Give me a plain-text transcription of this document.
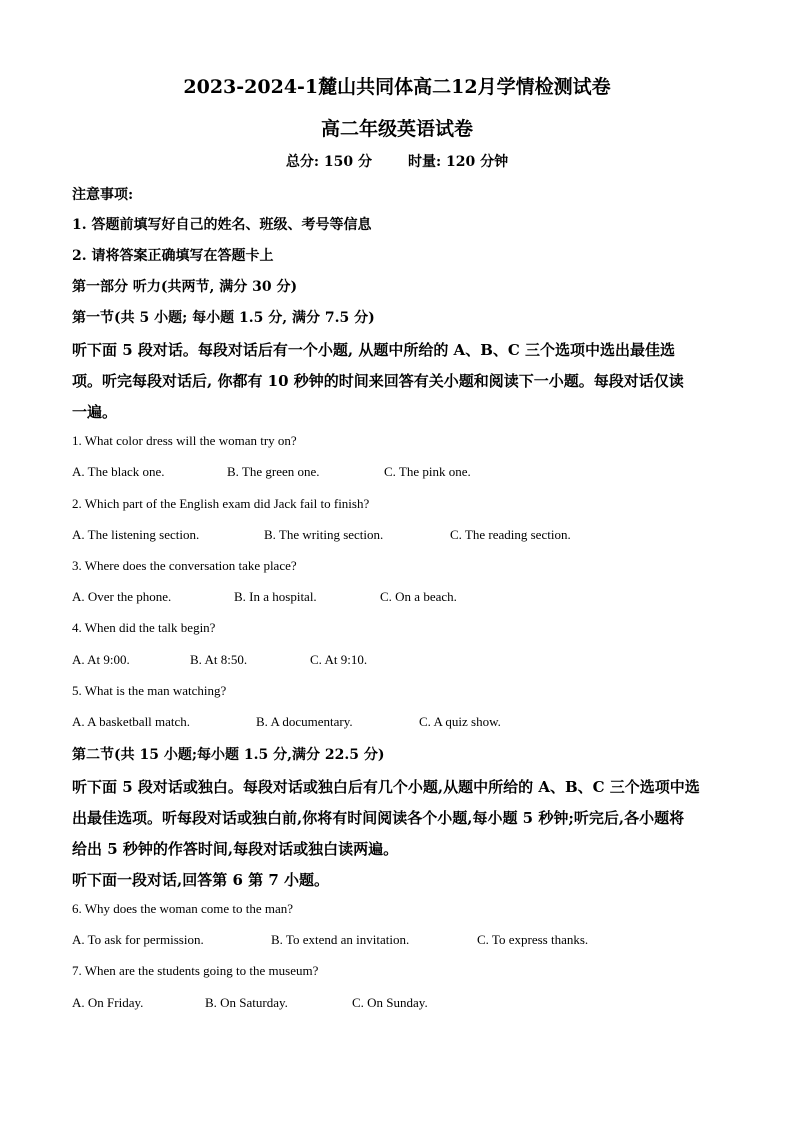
2023-2024-1麓山共同体高二12月学情检测试卷
高二年级英语试卷
总分: 150 分	时量: 120 分钟
注意事项:
1. 答题前填写好自己的姓名、班级、考号等信息
2. 请将答案正确填写在答题卡上
第一部分 听力(共两节, 满分 30 分)
第一节(共 5 小题; 每小题 1.5 分, 满分 7.5 分)
听下面 5 段对话。每段对话后有一个小题, 从题中所给的 A、B、C 三个选项中选出最佳选
项。听完每段对话后, 你都有 10 秒钟的时间来回答有关小题和阅读下一小题。每段对话仅读
一遍。
1. What color dress will the woman try on?
A. The black one.	B. The green one.	C. The pink one.
2. Which part of the English exam did Jack fail to finish?
A. The listening section.	B. The writing section.	C. The reading section.
3. Where does the conversation take place?
A. Over the phone.	B. In a hospital.	C. On a beach.
4. When did the talk begin?
A. At 9:00.	B. At 8:50.	C. At 9:10.
5. What is the man watching?
A. A basketball match.	B. A documentary.	C. A quiz show.
第二节(共 15 小题;每小题 1.5 分,满分 22.5 分)
听下面 5 段对话或独白。每段对话或独白后有几个小题,从题中所给的 A、B、C 三个选项中选
出最佳选项。听每段对话或独白前,你将有时间阅读各个小题,每小题 5 秒钟;听完后,各小题将
给出 5 秒钟的作答时间,每段对话或独白读两遍。
听下面一段对话,回答第 6 第 7 小题。
6. Why does the woman come to the man?
A. To ask for permission.	B. To extend an invitation.	C. To express thanks.
7. When are the students going to the museum?
A. On Friday.	B. On Saturday.	C. On Sunday.
